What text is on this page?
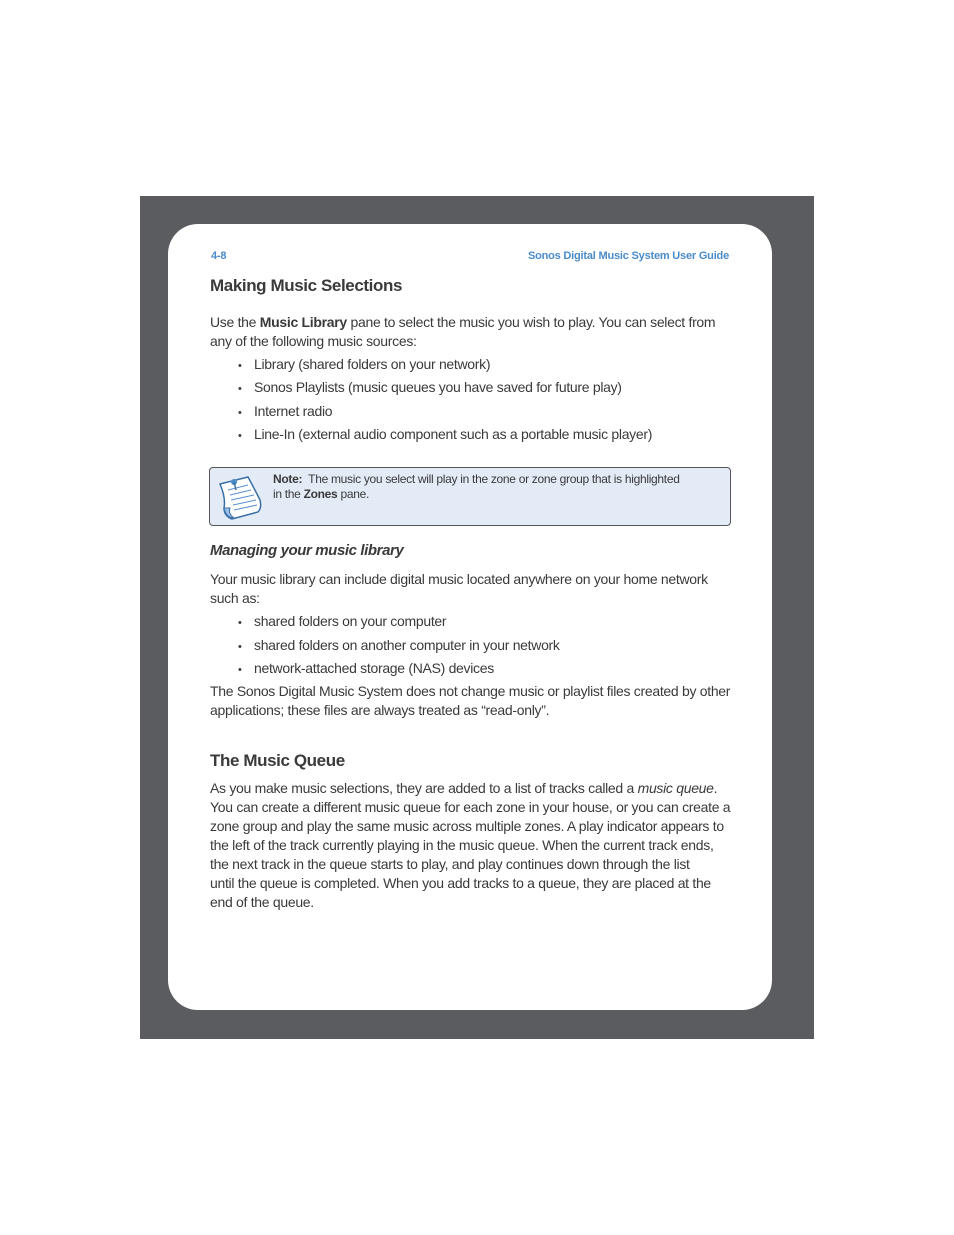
4-8	Sonos Digital Music System User Guide
Making Music Selections

Use the Music Library pane to select the music you wish to play. You can select from
any of the following music sources:

• Library (shared folders on your network)
• Sonos Playlists (music queues you have saved for future play)
• Internet radio
• Line-In (external audio component such as a portable music player)
Note: The music you select will play in the zone or zone group that is highlighted
in the Zones pane.
Managing your music library

Your music library can include digital music located anywhere on your home network
such as:

• shared folders on your computer
• shared folders on another computer in your network
• network-attached storage (NAS) devices

The Sonos Digital Music System does not change music or playlist files created by other
applications; these files are always treated as “read-only”.

The Music Queue

As you make music selections, they are added to a list of tracks called a music queue.
You can create a different music queue for each zone in your house, or you can create a
zone group and play the same music across multiple zones. A play indicator appears to
the left of the track currently playing in the music queue. When the current track ends,
the next track in the queue starts to play, and play continues down through the list
until the queue is completed. When you add tracks to a queue, they are placed at the
end of the queue.
